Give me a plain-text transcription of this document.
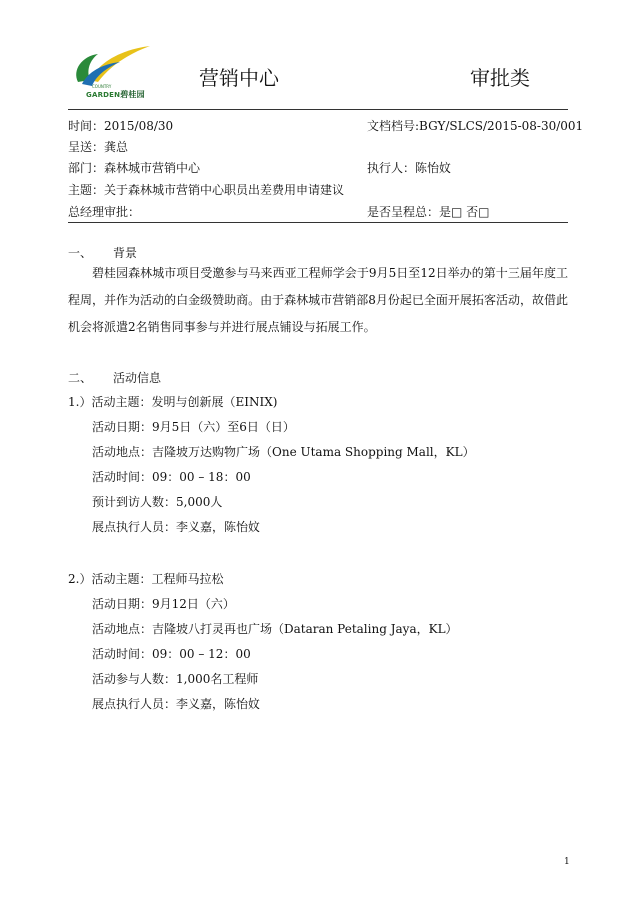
COUNTRY
GARDEN碧桂园
营销中心	审批类
时间：2015/08/30	文档档号:BGY/SLCS/2015-08-30/001
呈送：龚总
部门：森林城市营销中心	执行人：陈怡妏
主题：关于森林城市营销中心职员出差费用申请建议
总经理审批：	是否呈程总：是□ 否□
一、 背景
碧桂园森林城市项目受邀参与马来西亚工程师学会于9月5日至12日举办的第十三届年度工程周，并作为活动的白金级赞助商。由于森林城市营销部8月份起已全面开展拓客活动，故借此机会将派遣2名销售同事参与并进行展点铺设与拓展工作。
二、 活动信息
1.）活动主题：发明与创新展（EINIX)
活动日期：9月5日（六）至6日（日）
活动地点：吉隆坡万达购物广场（One Utama Shopping Mall，KL）
活动时间：09：00 – 18：00
预计到访人数：5,000人
展点执行人员：李义嘉，陈怡妏
2.）活动主题：工程师马拉松
活动日期：9月12日（六）
活动地点：吉隆坡八打灵再也广场（Dataran Petaling Jaya，KL）
活动时间：09：00 – 12：00
活动参与人数：1,000名工程师
展点执行人员：李义嘉，陈怡妏
1
